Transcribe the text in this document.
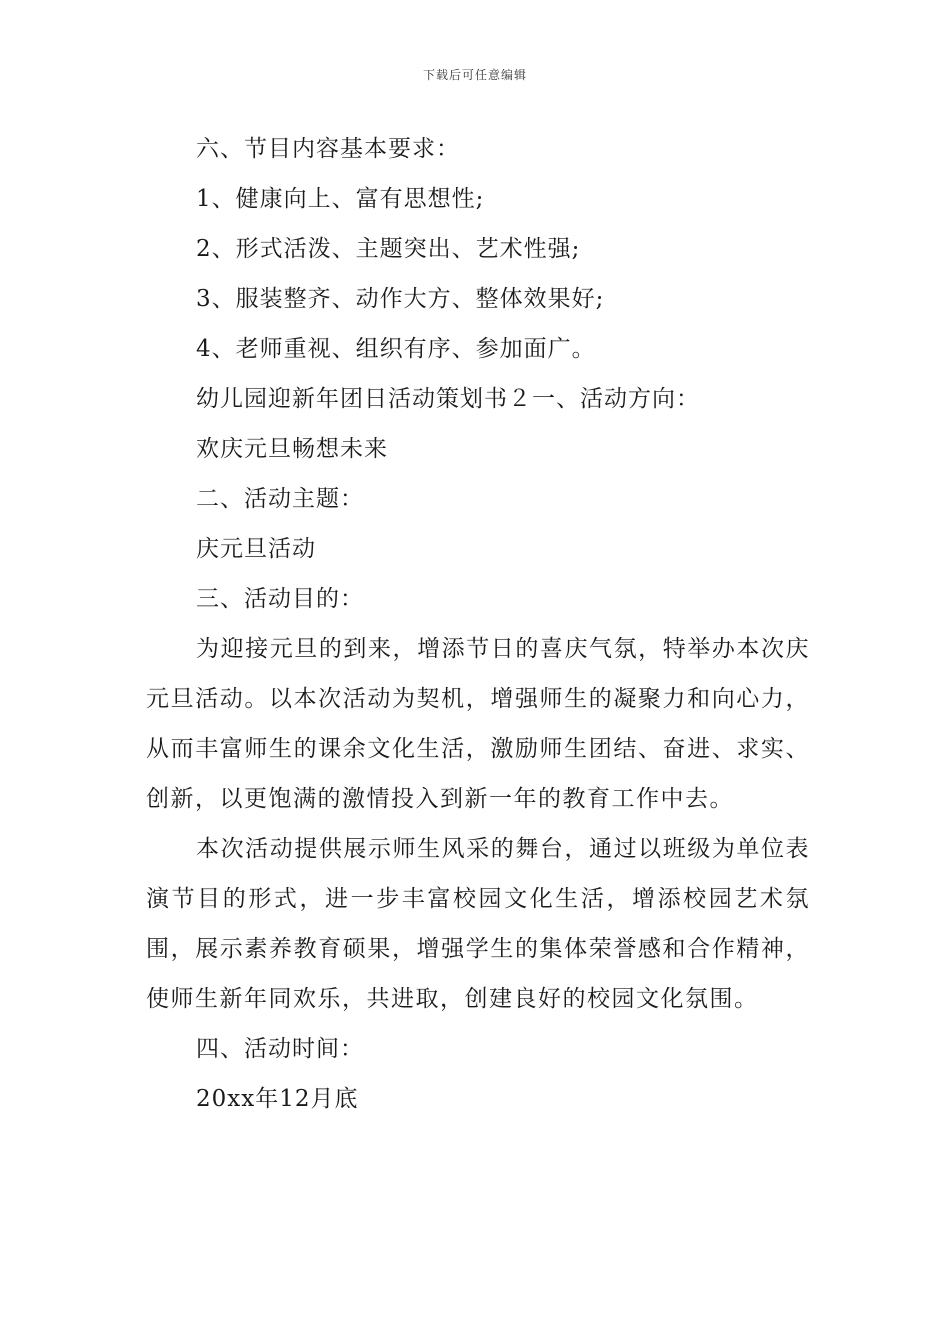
下载后可任意编辑
六、节目内容基本要求：
1、健康向上、富有思想性;
2、形式活泼、主题突出、艺术性强;
3、服装整齐、动作大方、整体效果好;
4、老师重视、组织有序、参加面广。
幼儿园迎新年团日活动策划书２一、活动方向：
欢庆元旦畅想未来
二、活动主题：
庆元旦活动
三、活动目的：
为迎接元旦的到来，增添节日的喜庆气氛，特举办本次庆元旦活动。以本次活动为契机，增强师生的凝聚力和向心力，从而丰富师生的课余文化生活，激励师生团结、奋进、求实、创新，以更饱满的激情投入到新一年的教育工作中去。
本次活动提供展示师生风采的舞台，通过以班级为单位表演节目的形式，进一步丰富校园文化生活，增添校园艺术氛围，展示素养教育硕果，增强学生的集体荣誉感和合作精神，使师生新年同欢乐，共进取，创建良好的校园文化氛围。
四、活动时间：
20xx年12月底
